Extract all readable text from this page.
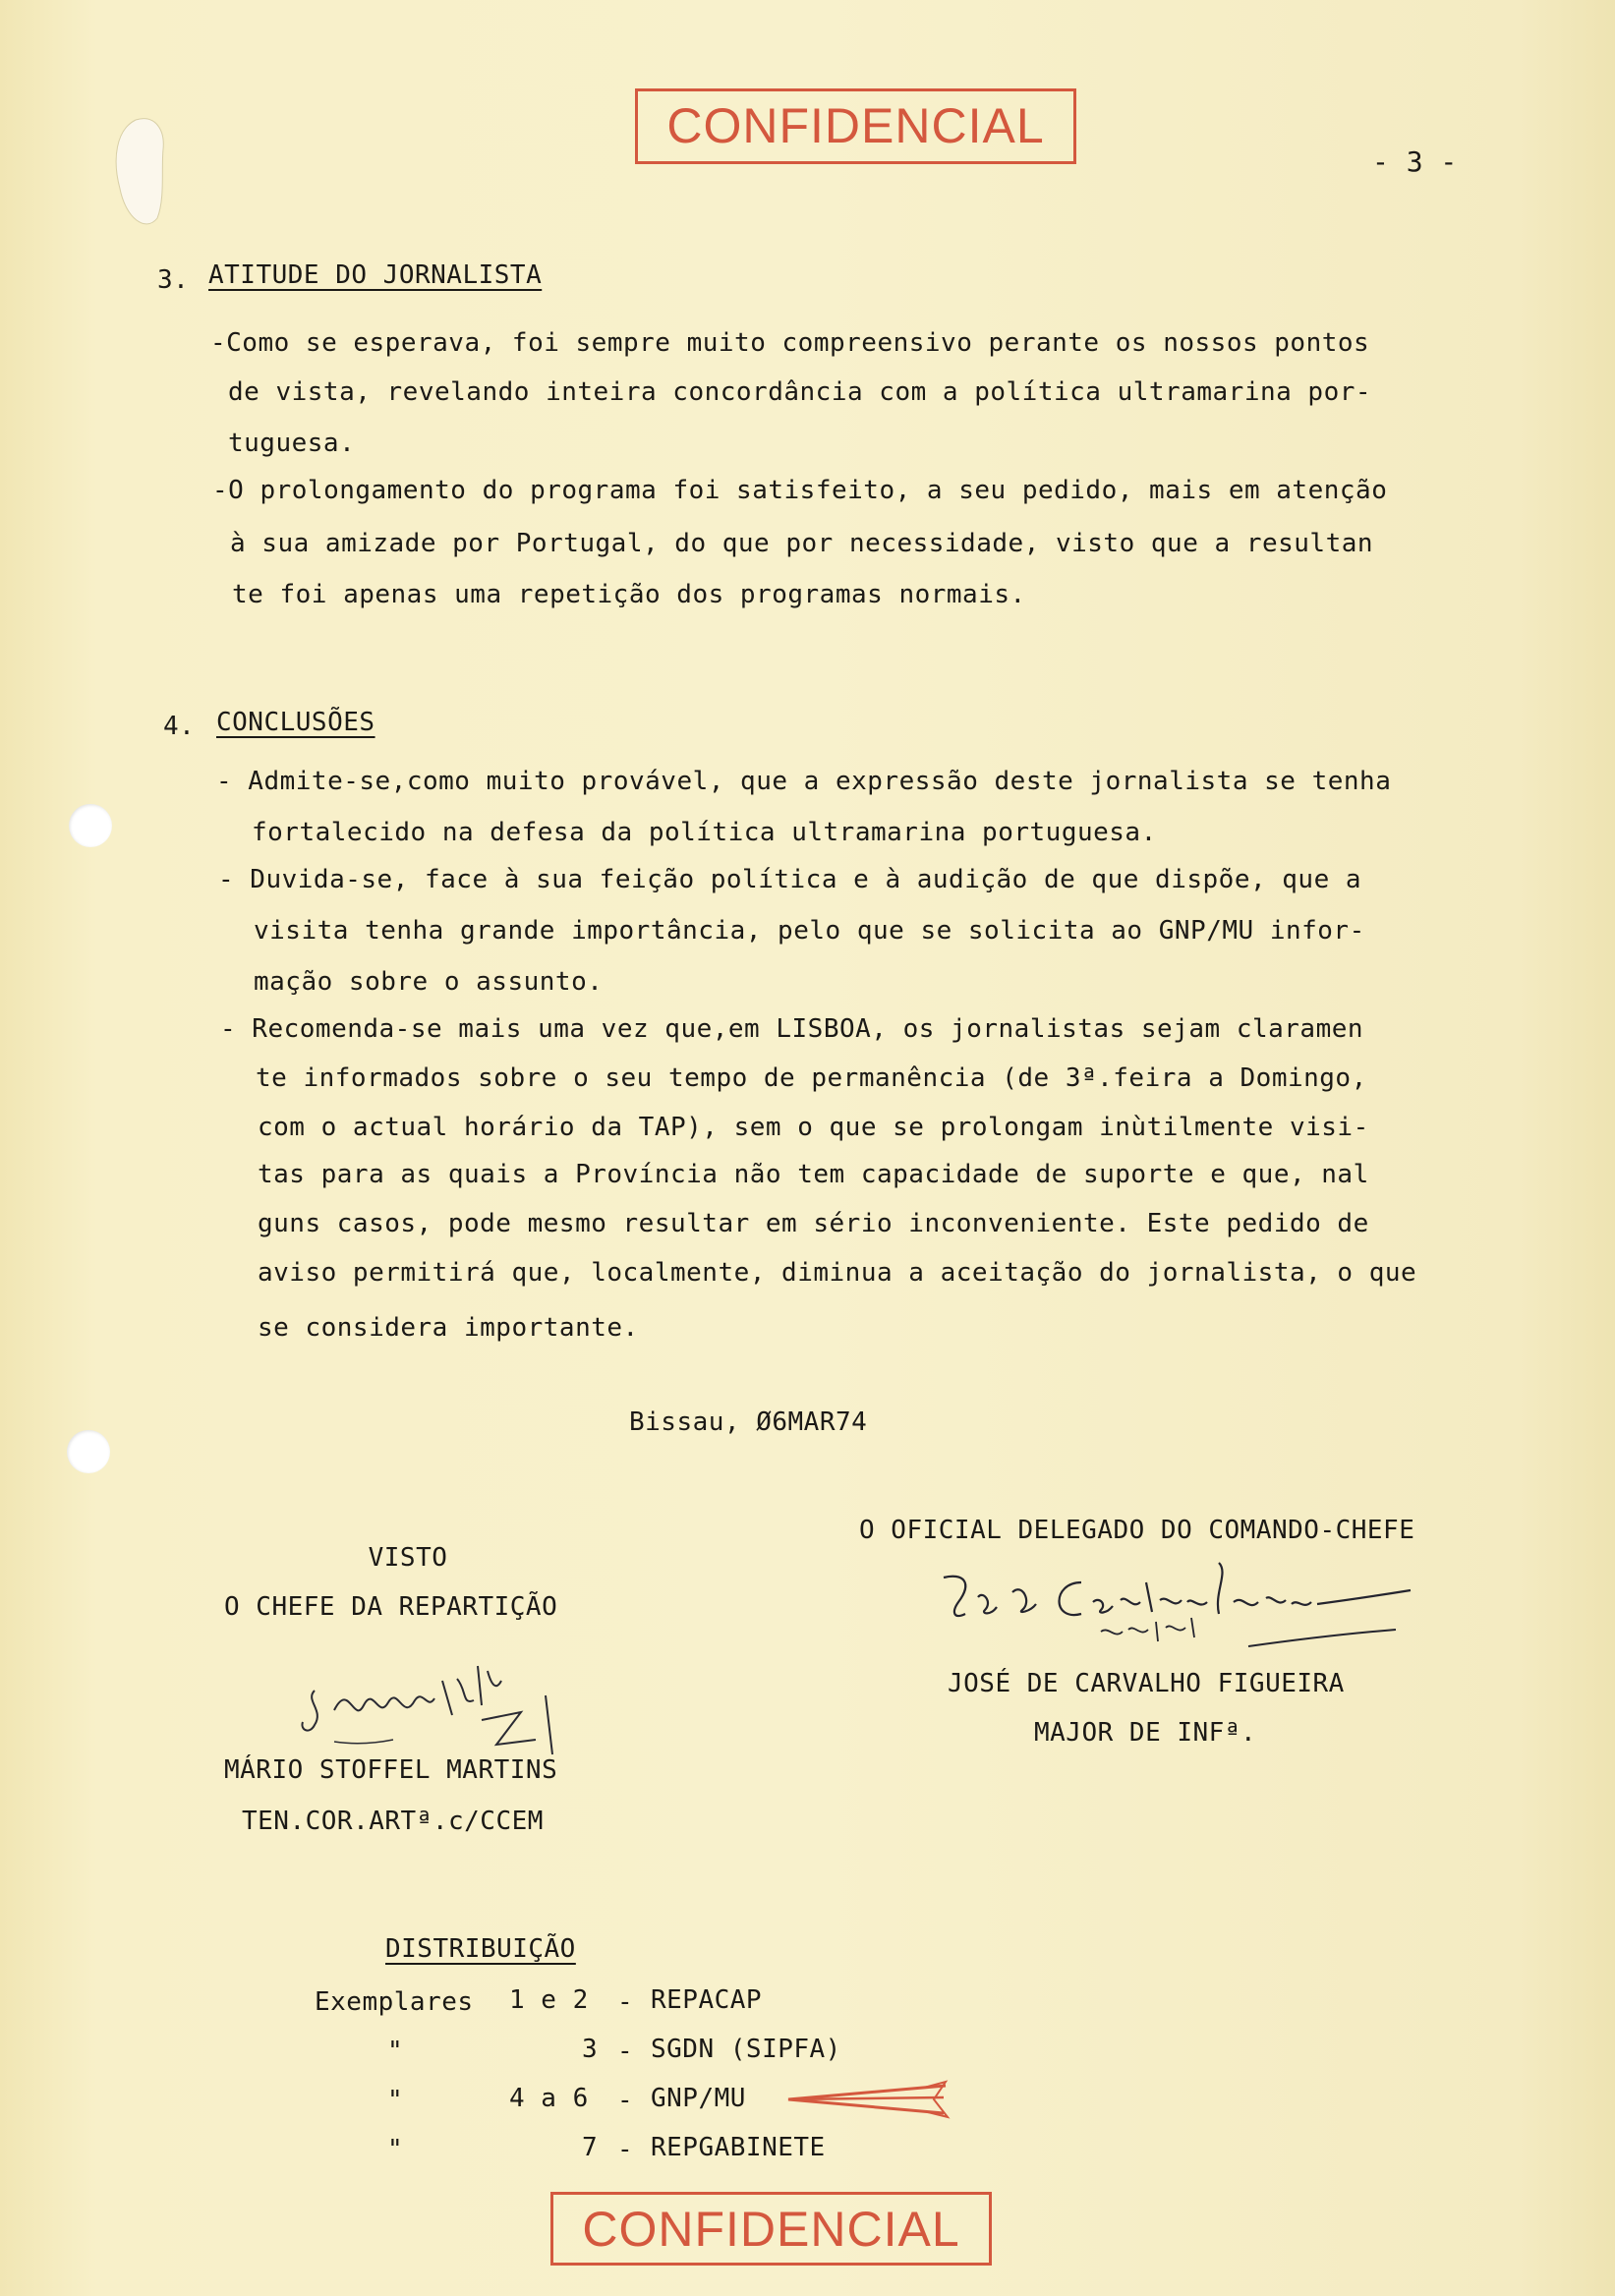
CONFIDENCIAL
- 3 -
3. ATITUDE DO JORNALISTA
-Como se esperava, foi sempre muito compreensivo perante os nossos pontos
de vista, revelando inteira concordância com a política ultramarina por-
tuguesa.
-O prolongamento do programa foi satisfeito, a seu pedido, mais em atenção
à sua amizade por Portugal, do que por necessidade, visto que a resultan
te foi apenas uma repetição dos programas normais.
4. CONCLUSÕES
- Admite-se,como muito provável, que a expressão deste jornalista se tenha
fortalecido na defesa da política ultramarina portuguesa.
- Duvida-se, face à sua feição política e à audição de que dispõe, que a
visita tenha grande importância, pelo que se solicita ao GNP/MU infor-
mação sobre o assunto.
- Recomenda-se mais uma vez que,em LISBOA, os jornalistas sejam claramen
te informados sobre o seu tempo de permanência (de 3ª.feira a Domingo,
com o actual horário da TAP), sem o que se prolongam inùtilmente visi-
tas para as quais a Província não tem capacidade de suporte e que, nal
guns casos, pode mesmo resultar em sério inconveniente. Este pedido de
aviso permitirá que, localmente, diminua a aceitação do jornalista, o que
se considera importante.
Bissau, Ø6MAR74
VISTO
O CHEFE DA REPARTIÇÃO
MÁRIO STOFFEL MARTINS
TEN.COR.ARTª.c/CCEM
O OFICIAL DELEGADO DO COMANDO-CHEFE
JOSÉ DE CARVALHO FIGUEIRA
MAJOR DE INFª.
DISTRIBUIÇÃO
Exemplares 1 e 2 - REPACAP
"	3 - SGDN (SIPFA)
"	4 a 6 - GNP/MU
"	7 - REPGABINETE
CONFIDENCIAL
